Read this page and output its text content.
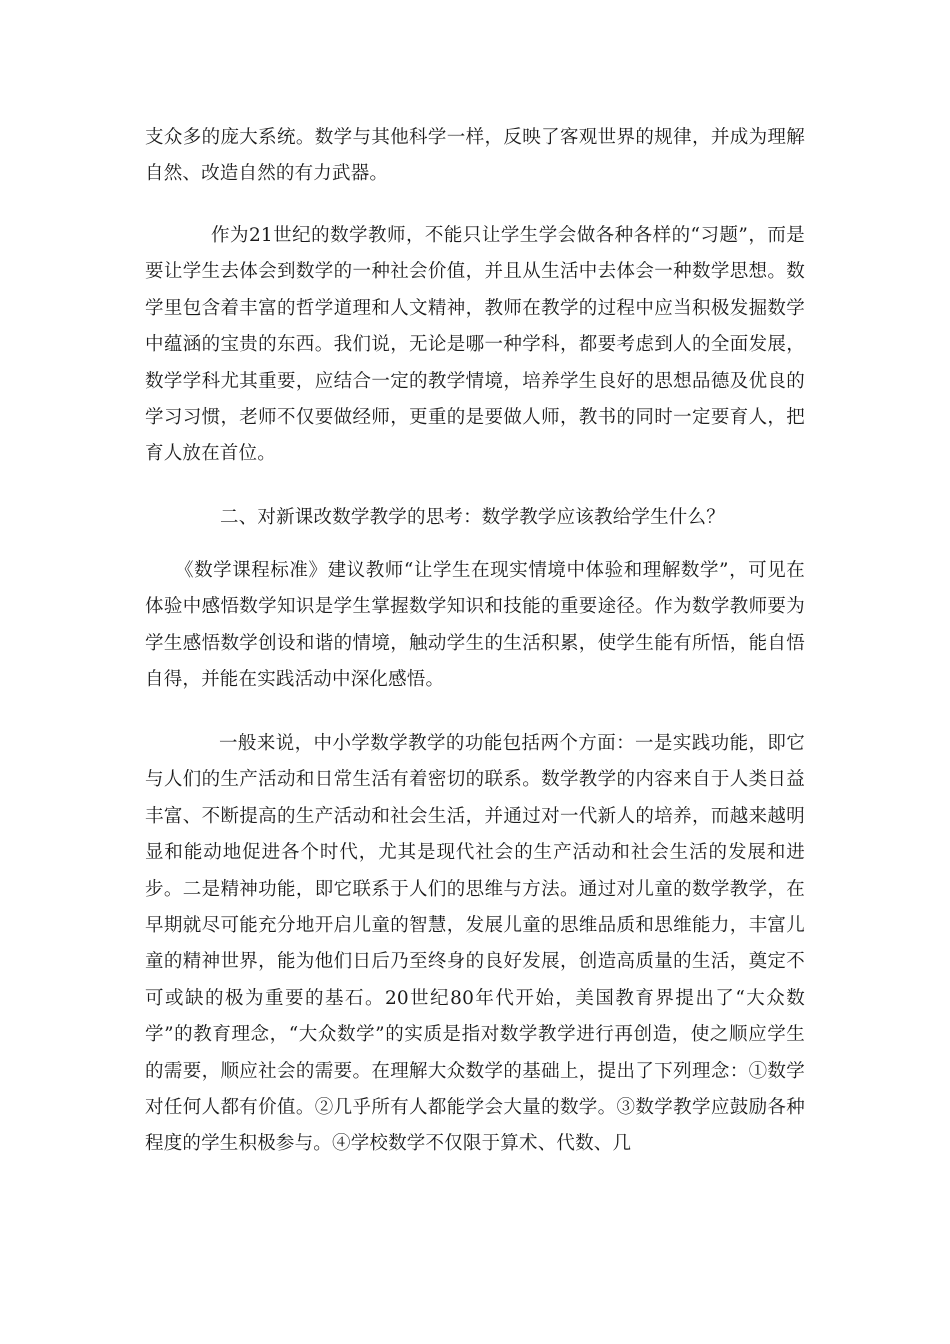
支众多的庞大系统。数学与其他科学一样，反映了客观世界的规律，并成为理解自然、改造自然的有力武器。

作为21世纪的数学教师，不能只让学生学会做各种各样的“习题”，而是要让学生去体会到数学的一种社会价值，并且从生活中去体会一种数学思想。数学里包含着丰富的哲学道理和人文精神，教师在教学的过程中应当积极发掘数学中蕴涵的宝贵的东西。我们说，无论是哪一种学科，都要考虑到人的全面发展，数学学科尤其重要，应结合一定的教学情境，培养学生良好的思想品德及优良的学习习惯，老师不仅要做经师，更重的是要做人师，教书的同时一定要育人，把育人放在首位。

二、对新课改数学教学的思考：数学教学应该教给学生什么？

《数学课程标准》建议教师“让学生在现实情境中体验和理解数学”，可见在体验中感悟数学知识是学生掌握数学知识和技能的重要途径。作为数学教师要为学生感悟数学创设和谐的情境，触动学生的生活积累，使学生能有所悟，能自悟自得，并能在实践活动中深化感悟。

一般来说，中小学数学教学的功能包括两个方面：一是实践功能，即它与人们的生产活动和日常生活有着密切的联系。数学教学的内容来自于人类日益丰富、不断提高的生产活动和社会生活，并通过对一代新人的培养，而越来越明显和能动地促进各个时代，尤其是现代社会的生产活动和社会生活的发展和进步。二是精神功能，即它联系于人们的思维与方法。通过对儿童的数学教学，在早期就尽可能充分地开启儿童的智慧，发展儿童的思维品质和思维能力，丰富儿童的精神世界，能为他们日后乃至终身的良好发展，创造高质量的生活，奠定不可或缺的极为重要的基石。20世纪80年代开始，美国教育界提出了“大众数学”的教育理念，“大众数学”的实质是指对数学教学进行再创造，使之顺应学生的需要，顺应社会的需要。在理解大众数学的基础上，提出了下列理念：①数学对任何人都有价值。②几乎所有人都能学会大量的数学。③数学教学应鼓励各种程度的学生积极参与。④学校数学不仅限于算术、代数、几
